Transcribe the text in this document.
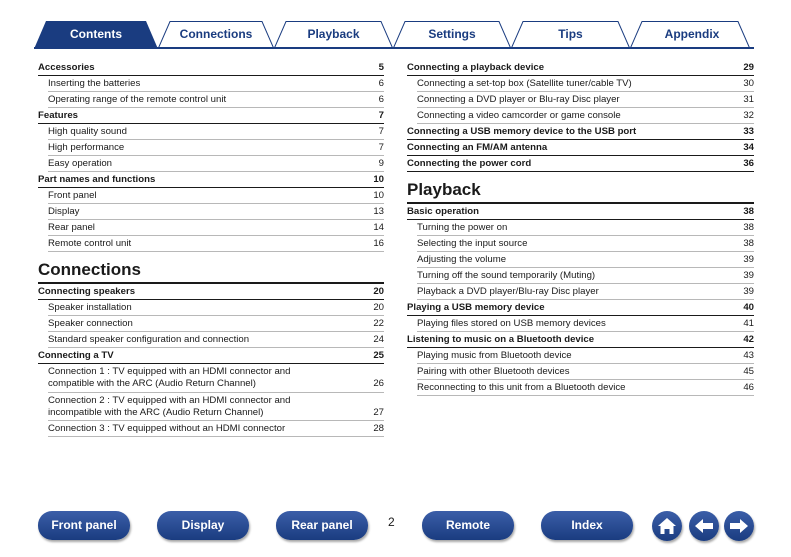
Contents	Connections	Playback	Settings	Tips	Appendix
Accessories	5
Inserting the batteries	6
Operating range of the remote control unit	6
Features	7
High quality sound	7
High performance	7
Easy operation	9
Part names and functions	10
Front panel	10
Display	13
Rear panel	14
Remote control unit	16
Connections
Connecting speakers	20
Speaker installation	20
Speaker connection	22
Standard speaker configuration and connection	24
Connecting a TV	25
Connection 1 : TV equipped with an HDMI connector and
compatible with the ARC (Audio Return Channel)	26
Connection 2 : TV equipped with an HDMI connector and
incompatible with the ARC (Audio Return Channel)	27
Connection 3 : TV equipped without an HDMI connector	28
Connecting a playback device	29
Connecting a set-top box (Satellite tuner/cable TV)	30
Connecting a DVD player or Blu-ray Disc player	31
Connecting a video camcorder or game console	32
Connecting a USB memory device to the USB port	33
Connecting an FM/AM antenna	34
Connecting the power cord	36
Playback
Basic operation	38
Turning the power on	38
Selecting the input source	38
Adjusting the volume	39
Turning off the sound temporarily (Muting)	39
Playback a DVD player/Blu-ray Disc player	39
Playing a USB memory device	40
Playing files stored on USB memory devices	41
Listening to music on a Bluetooth device	42
Playing music from Bluetooth device	43
Pairing with other Bluetooth devices	45
Reconnecting to this unit from a Bluetooth device	46
Front panel	Display	Rear panel	2	Remote	Index
